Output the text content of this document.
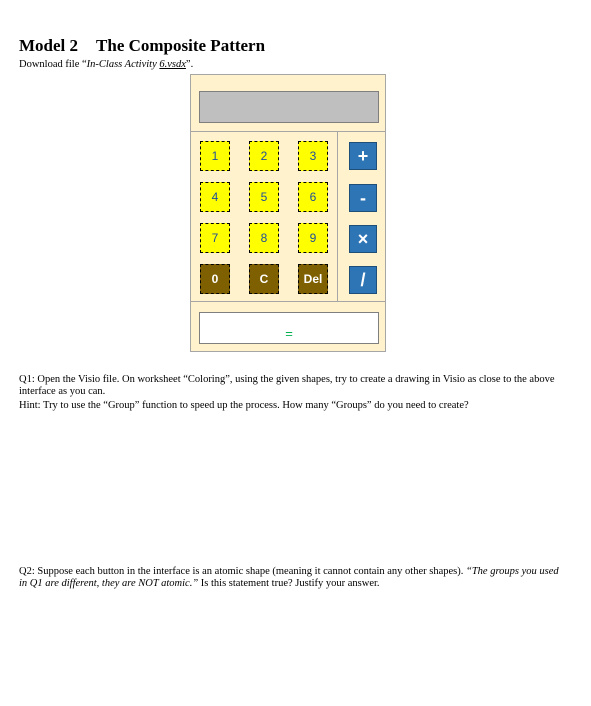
Model 2 The Composite Pattern
Download file “In-Class Activity 6.vsdx”.
1	2	3
4	5	6
7	8	9
0	C	Del
+
-
×
/
=
Q1: Open the Visio file. On worksheet “Coloring”, using the given shapes, try to create a drawing in Visio as close to the above interface as you can.
Hint: Try to use the “Group” function to speed up the process. How many “Groups” do you need to create?
Q2: Suppose each button in the interface is an atomic shape (meaning it cannot contain any other shapes). “The groups you used in Q1 are different, they are NOT atomic.” Is this statement true? Justify your answer.
